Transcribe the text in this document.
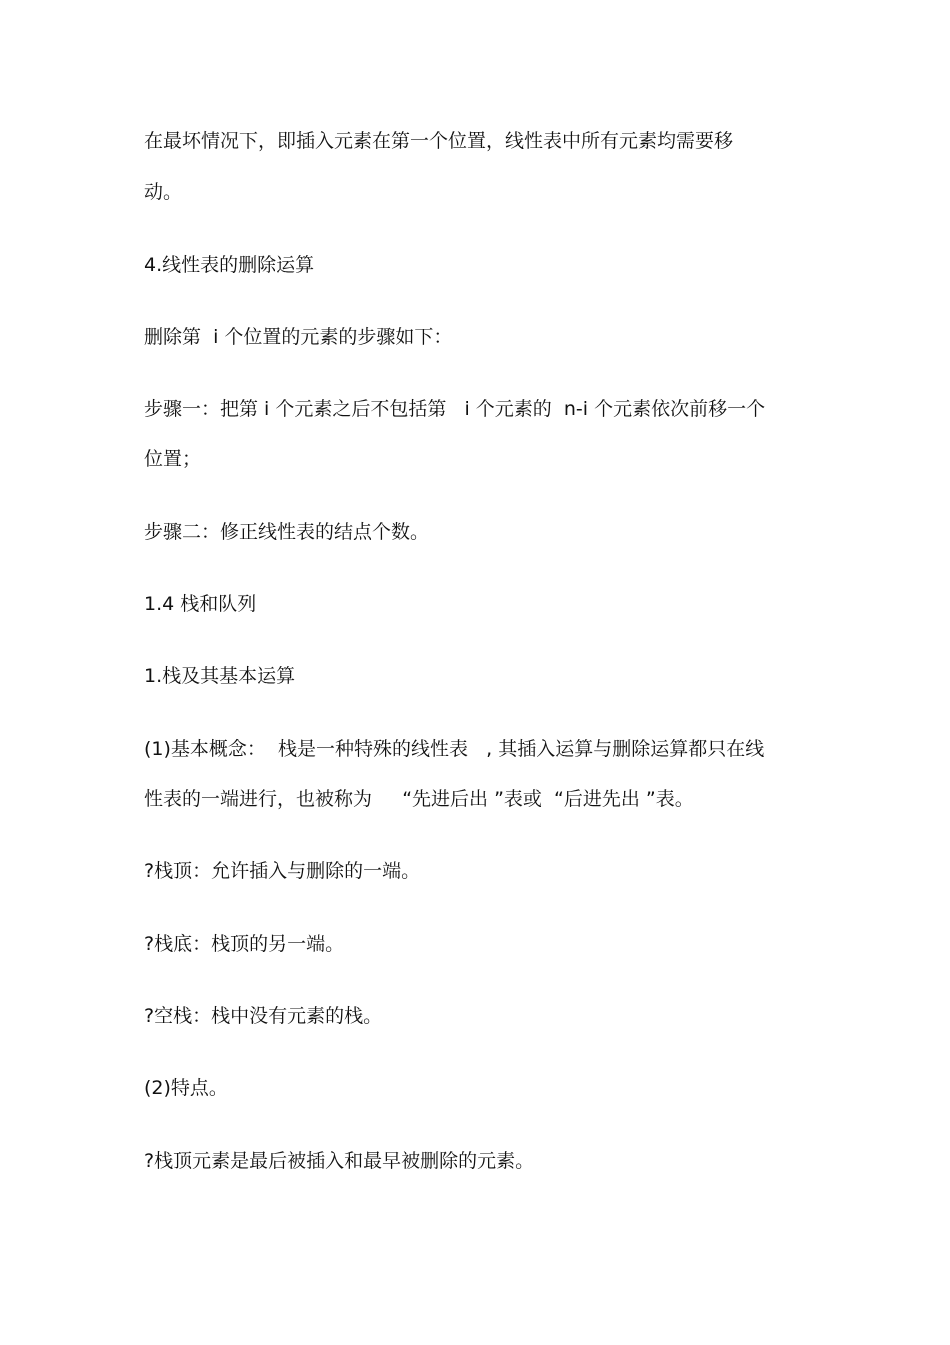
在最坏情况下，即插入元素在第一个位置，线性表中所有元素均需要移
动。
4.线性表的删除运算
删除第  i 个位置的元素的步骤如下：
步骤一：把第 i 个元素之后不包括第   i 个元素的  n-i 个元素依次前移一个
位置；
步骤二：修正线性表的结点个数。
1.4 栈和队列
1.栈及其基本运算
(1)基本概念：  栈是一种特殊的线性表   , 其插入运算与删除运算都只在线
性表的一端进行，也被称为     “先进后出 ”表或  “后进先出 ”表。
?栈顶：允许插入与删除的一端。
?栈底：栈顶的另一端。
?空栈：栈中没有元素的栈。
(2)特点。
?栈顶元素是最后被插入和最早被删除的元素。
